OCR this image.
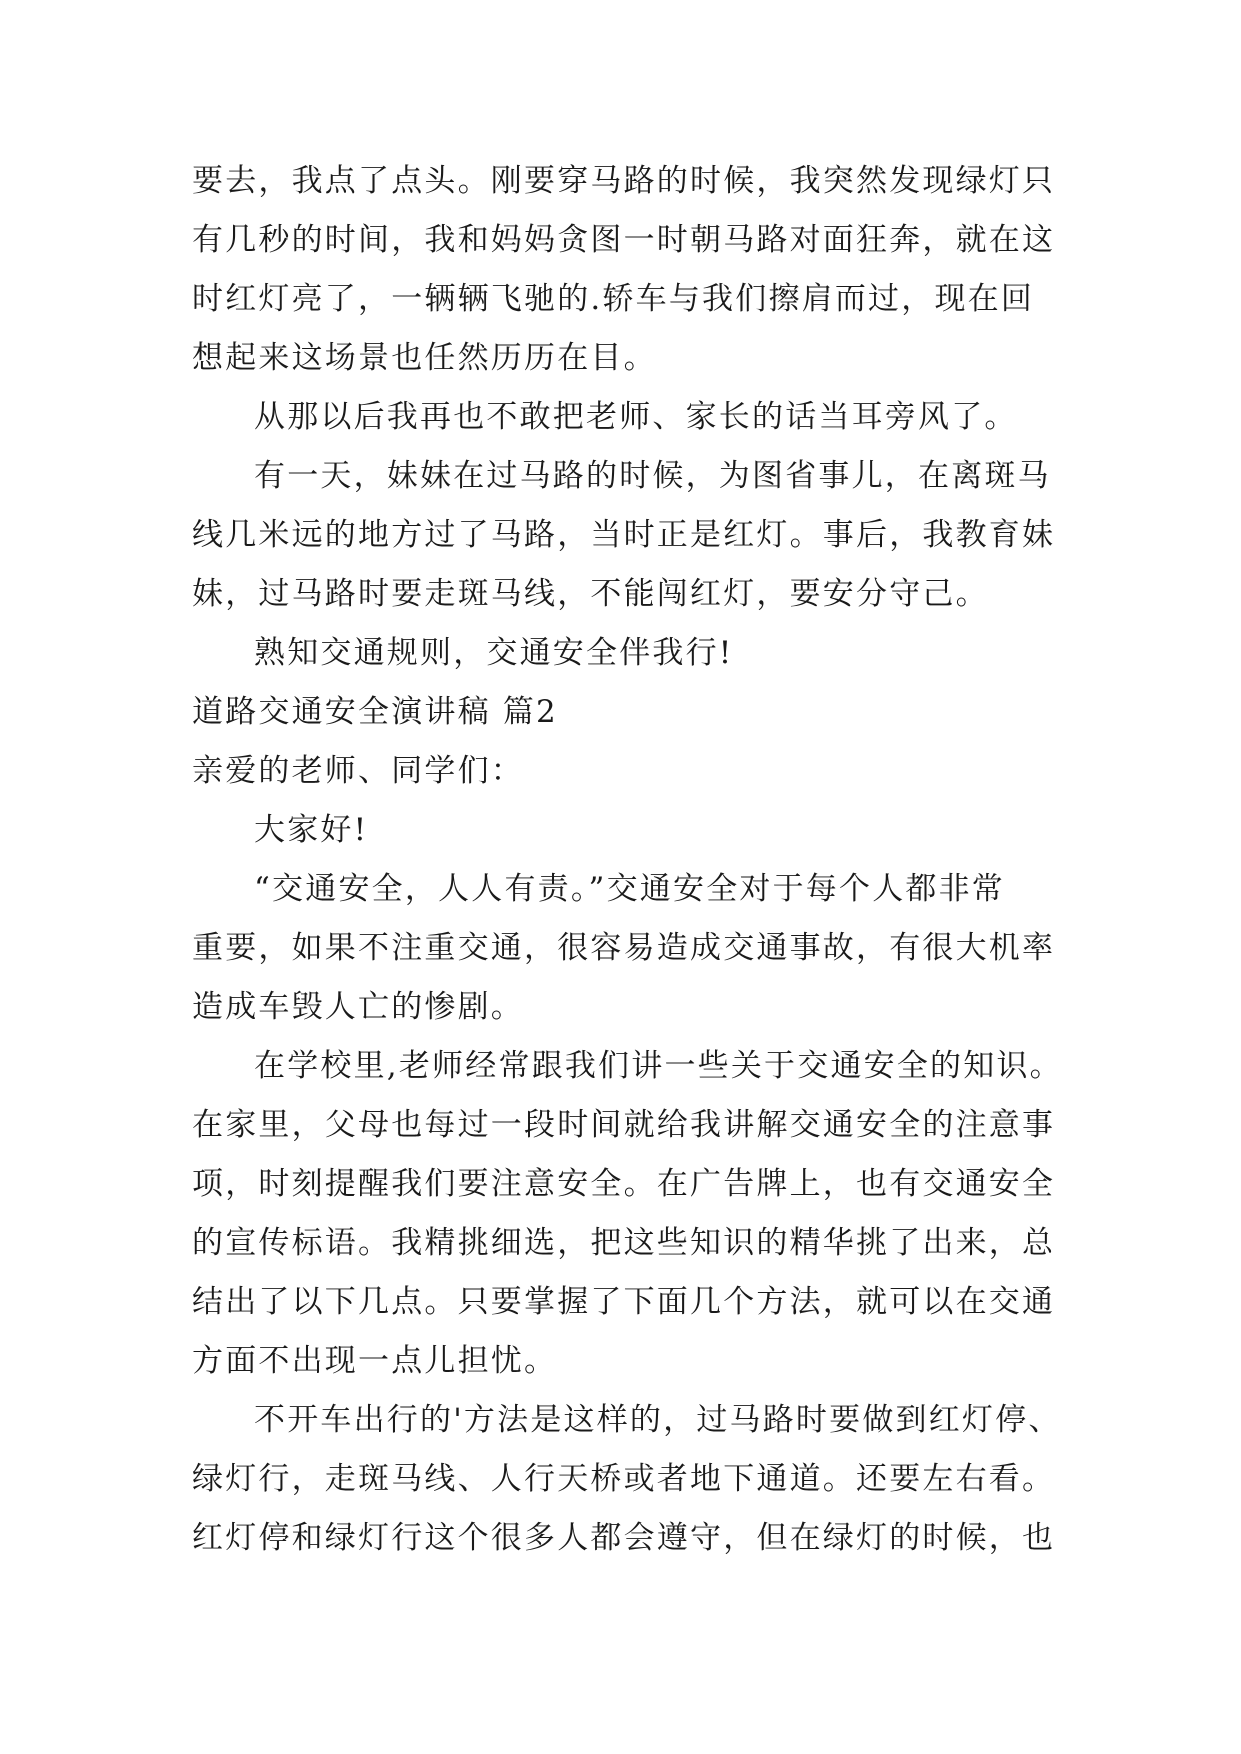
要去，我点了点头。刚要穿马路的时候，我突然发现绿灯只
有几秒的时间，我和妈妈贪图一时朝马路对面狂奔，就在这
时红灯亮了，一辆辆飞驰的.轿车与我们擦肩而过，现在回
想起来这场景也任然历历在目。
从那以后我再也不敢把老师、家长的话当耳旁风了。
有一天，妹妹在过马路的时候，为图省事儿，在离斑马
线几米远的地方过了马路，当时正是红灯。事后，我教育妹
妹，过马路时要走斑马线，不能闯红灯，要安分守己。
熟知交通规则，交通安全伴我行!
道路交通安全演讲稿 篇2
亲爱的老师、同学们：
大家好!
“交通安全，人人有责。”交通安全对于每个人都非常
重要，如果不注重交通，很容易造成交通事故，有很大机率
造成车毁人亡的惨剧。
在学校里,老师经常跟我们讲一些关于交通安全的知识。
在家里，父母也每过一段时间就给我讲解交通安全的注意事
项，时刻提醒我们要注意安全。在广告牌上，也有交通安全
的宣传标语。我精挑细选，把这些知识的精华挑了出来，总
结出了以下几点。只要掌握了下面几个方法，就可以在交通
方面不出现一点儿担忧。
不开车出行的'方法是这样的，过马路时要做到红灯停、
绿灯行，走斑马线、人行天桥或者地下通道。还要左右看。
红灯停和绿灯行这个很多人都会遵守，但在绿灯的时候，也
